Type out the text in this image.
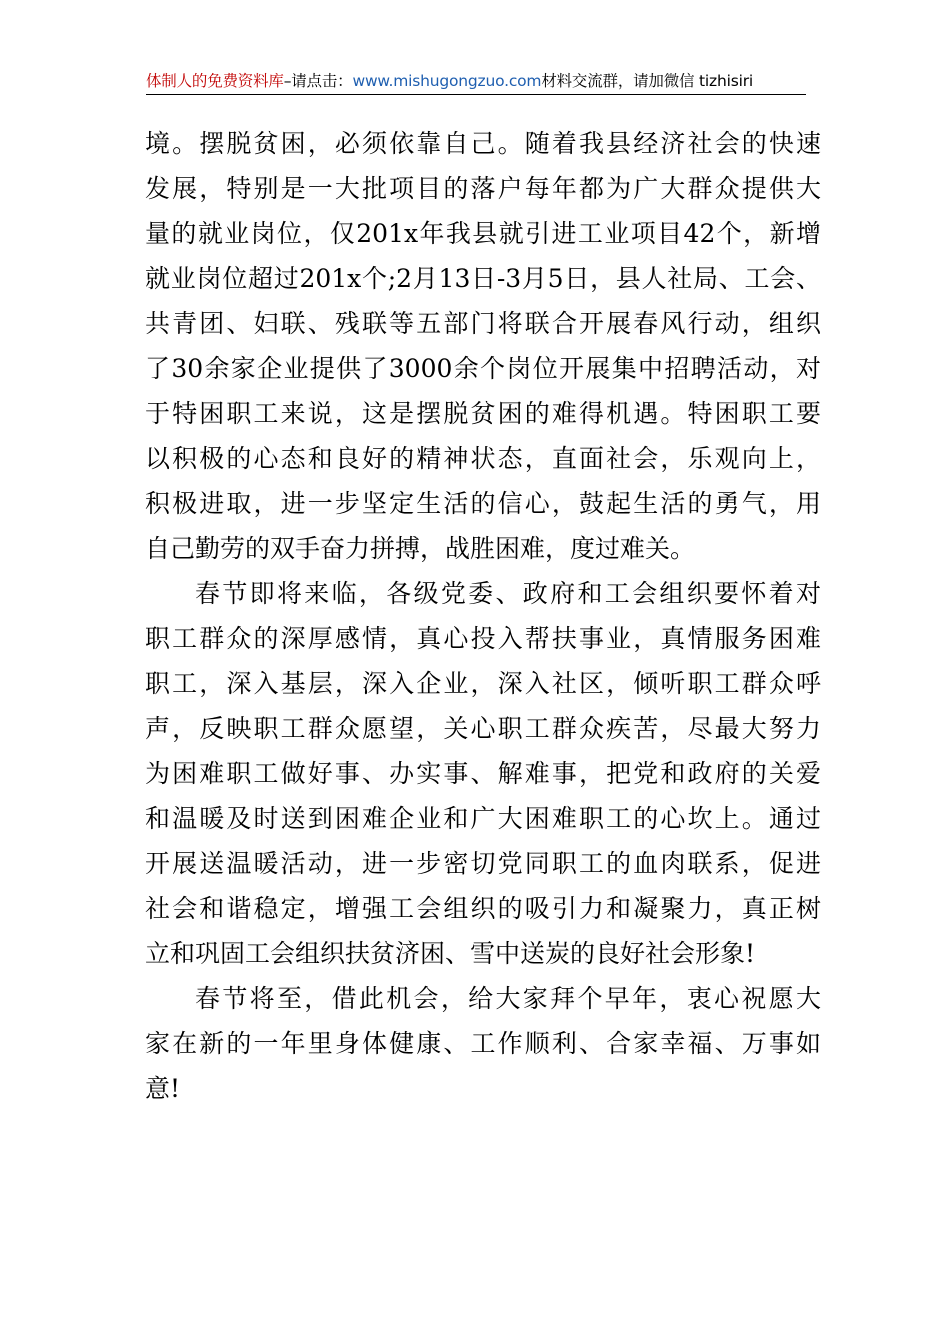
体制人的免费资料库–请点击：www.mishugongzuo.com材料交流群，请加微信 tizhisiri
境。摆脱贫困，必须依靠自己。随着我县经济社会的快速
发展，特别是一大批项目的落户每年都为广大群众提供大
量的就业岗位，仅201x年我县就引进工业项目42个，新增
就业岗位超过201x个;2月13日-3月5日，县人社局、工会、
共青团、妇联、残联等五部门将联合开展春风行动，组织
了30余家企业提供了3000余个岗位开展集中招聘活动，对
于特困职工来说，这是摆脱贫困的难得机遇。特困职工要
以积极的心态和良好的精神状态，直面社会，乐观向上，
积极进取，进一步坚定生活的信心，鼓起生活的勇气，用
自己勤劳的双手奋力拼搏，战胜困难，度过难关。
春节即将来临，各级党委、政府和工会组织要怀着对
职工群众的深厚感情，真心投入帮扶事业，真情服务困难
职工，深入基层，深入企业，深入社区，倾听职工群众呼
声，反映职工群众愿望，关心职工群众疾苦，尽最大努力
为困难职工做好事、办实事、解难事，把党和政府的关爱
和温暖及时送到困难企业和广大困难职工的心坎上。通过
开展送温暖活动，进一步密切党同职工的血肉联系，促进
社会和谐稳定，增强工会组织的吸引力和凝聚力，真正树
立和巩固工会组织扶贫济困、雪中送炭的良好社会形象!
春节将至，借此机会，给大家拜个早年，衷心祝愿大
家在新的一年里身体健康、工作顺利、合家幸福、万事如
意!
